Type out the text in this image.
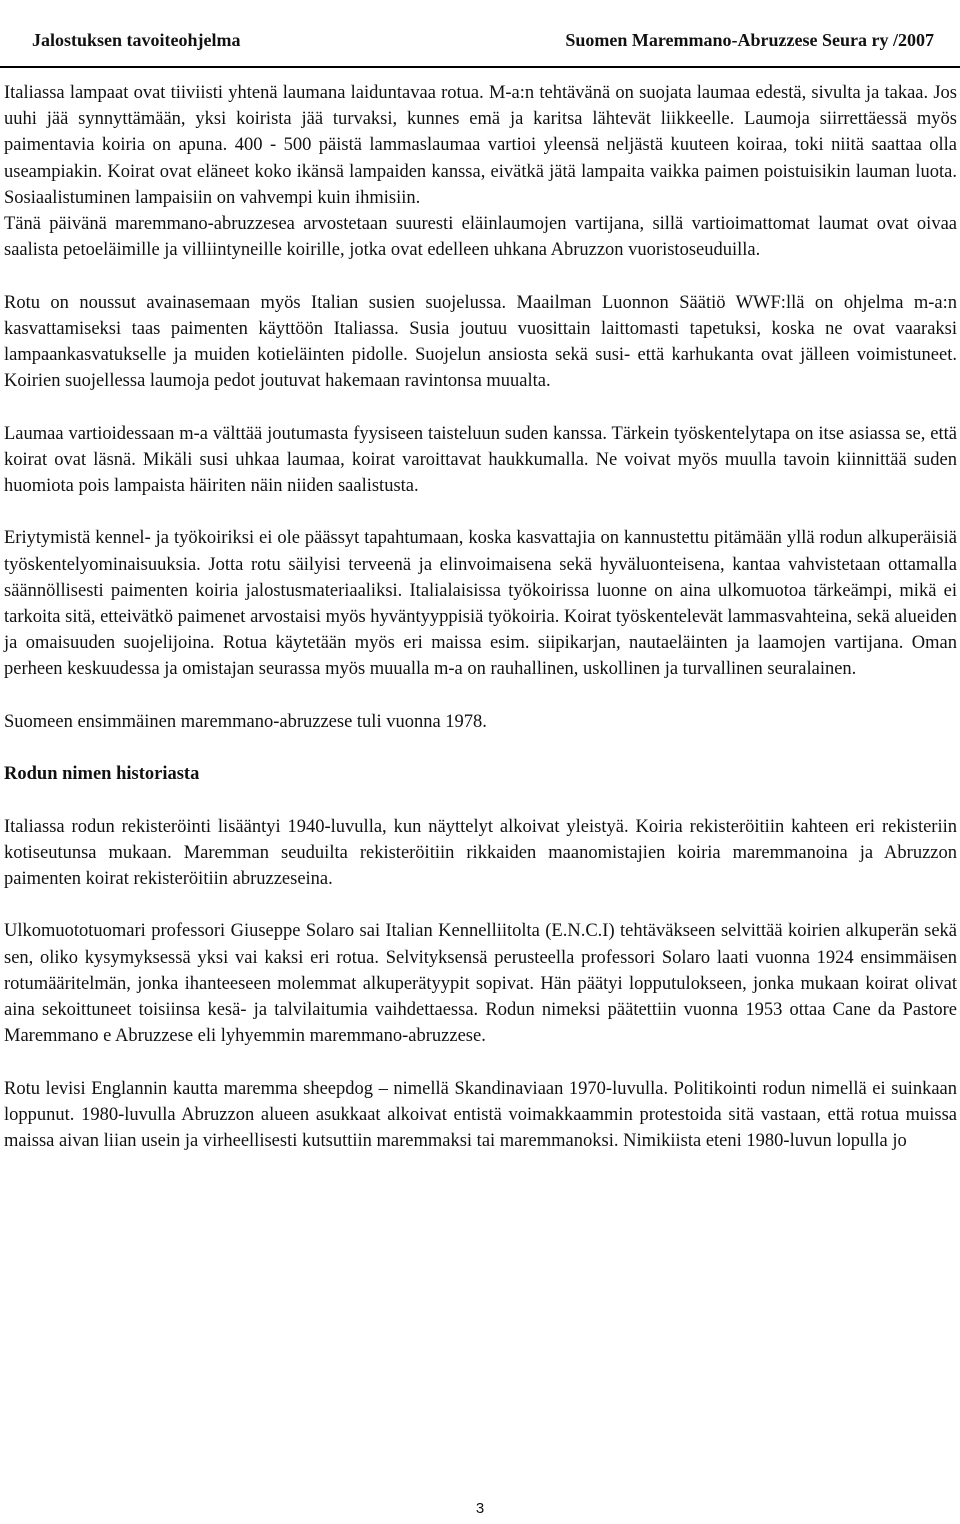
Jalostuksen tavoiteohjelma	Suomen Maremmano-Abruzzese Seura ry /2007

Italiassa lampaat ovat tiiviisti yhtenä laumana laiduntavaa rotua. M-a:n tehtävänä on suojata laumaa edestä, sivulta ja takaa. Jos uuhi jää synnyttämään, yksi koirista jää turvaksi, kunnes emä ja karitsa lähtevät liikkeelle. Laumoja siirrettäessä myös paimentavia koiria on apuna. 400 - 500 päistä lammaslaumaa vartioi yleensä neljästä kuuteen koiraa, toki niitä saattaa olla useampiakin. Koirat ovat eläneet koko ikänsä lampaiden kanssa, eivätkä jätä lampaita vaikka paimen poistuisikin lauman luota. Sosiaalistuminen lampaisiin on vahvempi kuin ihmisiin.

Tänä päivänä maremmano-abruzzesea arvostetaan suuresti eläinlaumojen vartijana, sillä vartioimattomat laumat ovat oivaa saalista petoeläimille ja villiintyneille koirille, jotka ovat edelleen uhkana Abruzzon vuoristoseuduilla.

Rotu on noussut avainasemaan myös Italian susien suojelussa. Maailman Luonnon Säätiö WWF:llä on ohjelma m-a:n kasvattamiseksi taas paimenten käyttöön Italiassa. Susia joutuu vuosittain laittomasti tapetuksi, koska ne ovat vaaraksi lampaankasvatukselle ja muiden kotieläinten pidolle. Suojelun ansiosta sekä susi- että karhukanta ovat jälleen voimistuneet. Koirien suojellessa laumoja pedot joutuvat hakemaan ravintonsa muualta.

Laumaa vartioidessaan m-a välttää joutumasta fyysiseen taisteluun suden kanssa. Tärkein työskentelytapa on itse asiassa se, että koirat ovat läsnä. Mikäli susi uhkaa laumaa, koirat varoittavat haukkumalla. Ne voivat myös muulla tavoin kiinnittää suden huomiota pois lampaista häiriten näin niiden saalistusta.

Eriytymistä kennel- ja työkoiriksi ei ole päässyt tapahtumaan, koska kasvattajia on kannustettu pitämään yllä rodun alkuperäisiä työskentelyominaisuuksia. Jotta rotu säilyisi terveenä ja elinvoimaisena sekä hyväluonteisena, kantaa vahvistetaan ottamalla säännöllisesti paimenten koiria jalostusmateriaaliksi. Italialaisissa työkoirissa luonne on aina ulkomuotoa tärkeämpi, mikä ei tarkoita sitä, etteivätkö paimenet arvostaisi myös hyväntyyppisiä työkoiria. Koirat työskentelevät lammasvahteina, sekä alueiden ja omaisuuden suojelijoina. Rotua käytetään myös eri maissa esim. siipikarjan, nautaeläinten ja laamojen vartijana. Oman perheen keskuudessa ja omistajan seurassa myös muualla m-a on rauhallinen, uskollinen ja turvallinen seuralainen.

Suomeen ensimmäinen maremmano-abruzzese tuli vuonna 1978.

Rodun nimen historiasta

Italiassa rodun rekisteröinti lisääntyi 1940-luvulla, kun näyttelyt alkoivat yleistyä. Koiria rekisteröitiin kahteen eri rekisteriin kotiseutunsa mukaan. Maremman seuduilta rekisteröitiin rikkaiden maanomistajien koiria maremmanoina ja Abruzzon paimenten koirat rekisteröitiin abruzzeseina.

Ulkomuototuomari professori Giuseppe Solaro sai Italian Kennelliitolta (E.N.C.I) tehtäväkseen selvittää koirien alkuperän sekä sen, oliko kysymyksessä yksi vai kaksi eri rotua. Selvityksensä perusteella professori Solaro laati vuonna 1924 ensimmäisen rotumääritelmän, jonka ihanteeseen molemmat alkuperätyypit sopivat. Hän päätyi lopputulokseen, jonka mukaan koirat olivat aina sekoittuneet toisiinsa kesä- ja talvilaitumia vaihdettaessa. Rodun nimeksi päätettiin vuonna 1953 ottaa Cane da Pastore Maremmano e Abruzzese eli lyhyemmin maremmano-abruzzese.

Rotu levisi Englannin kautta maremma sheepdog – nimellä Skandinaviaan 1970-luvulla. Politikointi rodun nimellä ei suinkaan loppunut. 1980-luvulla Abruzzon alueen asukkaat alkoivat entistä voimakkaammin protestoida sitä vastaan, että rotua muissa maissa aivan liian usein ja virheellisesti kutsuttiin maremmaksi tai maremmanoksi. Nimikiista eteni 1980-luvun lopulla jo

3
